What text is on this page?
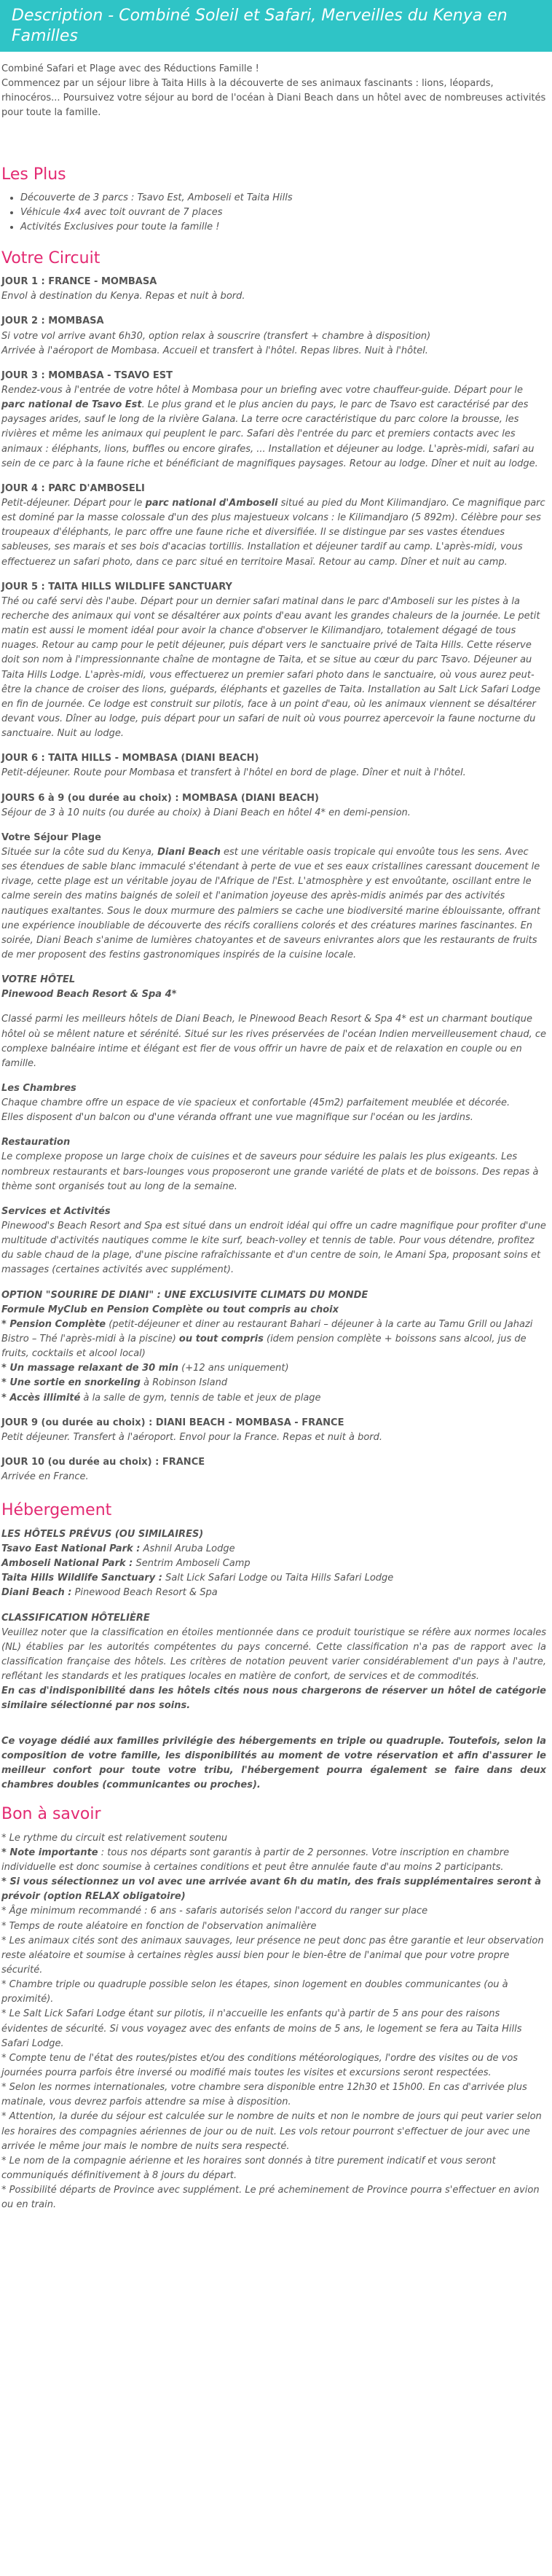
Description - Combiné Soleil et Safari, Merveilles du Kenya en Familles

Combiné Safari et Plage avec des Réductions Famille !

Commencez par un séjour libre à Taita Hills à la découverte de ses animaux fascinants : lions, léopards, rhinocéros... Poursuivez votre séjour au bord de l'océan à Diani Beach dans un hôtel avec de nombreuses activités pour toute la famille.

Les Plus
• Découverte de 3 parcs : Tsavo Est, Amboseli et Taita Hills
• Véhicule 4x4 avec toit ouvrant de 7 places
• Activités Exclusives pour toute la famille !
Votre Circuit

JOUR 1 : FRANCE - MOMBASA

Envol à destination du Kenya. Repas et nuit à bord.

JOUR 2 : MOMBASA

Si votre vol arrive avant 6h30, option relax à souscrire (transfert + chambre à disposition)

Arrivée à l'aéroport de Mombasa. Accueil et transfert à l'hôtel. Repas libres. Nuit à l'hôtel.

JOUR 3 : MOMBASA - TSAVO EST

Rendez-vous à l'entrée de votre hôtel à Mombasa pour un briefing avec votre chauffeur-guide. Départ pour le parc national de Tsavo Est. Le plus grand et le plus ancien du pays, le parc de Tsavo est caractérisé par des paysages arides, sauf le long de la rivière Galana. La terre ocre caractéristique du parc colore la brousse, les rivières et même les animaux qui peuplent le parc. Safari dès l'entrée du parc et premiers contacts avec les animaux : éléphants, lions, buffles ou encore girafes, ... Installation et déjeuner au lodge. L'après-midi, safari au sein de ce parc à la faune riche et bénéficiant de magnifiques paysages. Retour au lodge. Dîner et nuit au lodge.

JOUR 4 : PARC D'AMBOSELI

Petit-déjeuner. Départ pour le parc national d'Amboseli situé au pied du Mont Kilimandjaro. Ce magnifique parc est dominé par la masse colossale d'un des plus majestueux volcans : le Kilimandjaro (5 892m). Célèbre pour ses troupeaux d'éléphants, le parc offre une faune riche et diversifiée. Il se distingue par ses vastes étendues sableuses, ses marais et ses bois d'acacias tortillis. Installation et déjeuner tardif au camp. L'après-midi, vous effectuerez un safari photo, dans ce parc situé en territoire Masaï. Retour au camp. Dîner et nuit au camp.

JOUR 5 : TAITA HILLS WILDLIFE SANCTUARY

Thé ou café servi dès l'aube. Départ pour un dernier safari matinal dans le parc d'Amboseli sur les pistes à la recherche des animaux qui vont se désaltérer aux points d'eau avant les grandes chaleurs de la journée. Le petit matin est aussi le moment idéal pour avoir la chance d'observer le Kilimandjaro, totalement dégagé de tous nuages. Retour au camp pour le petit déjeuner, puis départ vers le sanctuaire privé de Taita Hills. Cette réserve doit son nom à l'impressionnante chaîne de montagne de Taita, et se situe au cœur du parc Tsavo. Déjeuner au Taita Hills Lodge. L'après-midi, vous effectuerez un premier safari photo dans le sanctuaire, où vous aurez peut-être la chance de croiser des lions, guépards, éléphants et gazelles de Taita. Installation au Salt Lick Safari Lodge en fin de journée. Ce lodge est construit sur pilotis, face à un point d'eau, où les animaux viennent se désaltérer devant vous. Dîner au lodge, puis départ pour un safari de nuit où vous pourrez apercevoir la faune nocturne du sanctuaire. Nuit au lodge.

JOUR 6 : TAITA HILLS - MOMBASA (DIANI BEACH)

Petit-déjeuner. Route pour Mombasa et transfert à l'hôtel en bord de plage. Dîner et nuit à l'hôtel.

JOURS 6 à 9 (ou durée au choix) : MOMBASA (DIANI BEACH)

Séjour de 3 à 10 nuits (ou durée au choix) à Diani Beach en hôtel 4* en demi-pension.

Votre Séjour Plage

Située sur la côte sud du Kenya, Diani Beach est une véritable oasis tropicale qui envoûte tous les sens. Avec ses étendues de sable blanc immaculé s'étendant à perte de vue et ses eaux cristallines caressant doucement le rivage, cette plage est un véritable joyau de l'Afrique de l'Est. L'atmosphère y est envoûtante, oscillant entre le calme serein des matins baignés de soleil et l'animation joyeuse des après-midis animés par des activités nautiques exaltantes. Sous le doux murmure des palmiers se cache une biodiversité marine éblouissante, offrant une expérience inoubliable de découverte des récifs coralliens colorés et des créatures marines fascinantes. En soirée, Diani Beach s'anime de lumières chatoyantes et de saveurs enivrantes alors que les restaurants de fruits de mer proposent des festins gastronomiques inspirés de la cuisine locale.

VOTRE HÔTEL

Pinewood Beach Resort & Spa 4*

Classé parmi les meilleurs hôtels de Diani Beach, le Pinewood Beach Resort & Spa 4* est un charmant boutique hôtel où se mêlent nature et sérénité. Situé sur les rives préservées de l'océan Indien merveilleusement chaud, ce complexe balnéaire intime et élégant est fier de vous offrir un havre de paix et de relaxation en couple ou en famille.

Les Chambres

Chaque chambre offre un espace de vie spacieux et confortable (45m2) parfaitement meublée et décorée.

Elles disposent d'un balcon ou d'une véranda offrant une vue magnifique sur l'océan ou les jardins.

Restauration

Le complexe propose un large choix de cuisines et de saveurs pour séduire les palais les plus exigeants. Les nombreux restaurants et bars-lounges vous proposeront une grande variété de plats et de boissons. Des repas à thème sont organisés tout au long de la semaine.

Services et Activités

Pinewood's Beach Resort and Spa est situé dans un endroit idéal qui offre un cadre magnifique pour profiter d'une multitude d'activités nautiques comme le kite surf, beach-volley et tennis de table. Pour vous détendre, profitez du sable chaud de la plage, d'une piscine rafraîchissante et d'un centre de soin, le Amani Spa, proposant soins et massages (certaines activités avec supplément).

OPTION "SOURIRE DE DIANI" : UNE EXCLUSIVITE CLIMATS DU MONDE

Formule MyClub en Pension Complète ou tout compris au choix

* Pension Complète (petit-déjeuner et diner au restaurant Bahari – déjeuner à la carte au Tamu Grill ou Jahazi Bistro – Thé l'après-midi à la piscine) ou tout compris (idem pension complète + boissons sans alcool, jus de fruits, cocktails et alcool local)

* Un massage relaxant de 30 min (+12 ans uniquement)

* Une sortie en snorkeling à Robinson Island

* Accès illimité à la salle de gym, tennis de table et jeux de plage

JOUR 9 (ou durée au choix) : DIANI BEACH - MOMBASA - FRANCE

Petit déjeuner. Transfert à l'aéroport. Envol pour la France. Repas et nuit à bord.

JOUR 10 (ou durée au choix) : FRANCE

Arrivée en France.

Hébergement

LES HÔTELS PRÉVUS (OU SIMILAIRES)

Tsavo East National Park : Ashnil Aruba Lodge

Amboseli National Park : Sentrim Amboseli Camp

Taita Hills Wildlife Sanctuary : Salt Lick Safari Lodge ou Taita Hills Safari Lodge

Diani Beach : Pinewood Beach Resort & Spa

CLASSIFICATION HÔTELIÈRE

Veuillez noter que la classification en étoiles mentionnée dans ce produit touristique se réfère aux normes locales (NL) établies par les autorités compétentes du pays concerné. Cette classification n'a pas de rapport avec la classification française des hôtels. Les critères de notation peuvent varier considérablement d'un pays à l'autre, reflétant les standards et les pratiques locales en matière de confort, de services et de commodités.

En cas d'indisponibilité dans les hôtels cités nous nous chargerons de réserver un hôtel de catégorie similaire sélectionné par nos soins.

Ce voyage dédié aux familles privilégie des hébergements en triple ou quadruple. Toutefois, selon la composition de votre famille, les disponibilités au moment de votre réservation et afin d'assurer le meilleur confort pour toute votre tribu, l'hébergement pourra également se faire dans deux chambres doubles (communicantes ou proches).

Bon à savoir

* Le rythme du circuit est relativement soutenu

* Note importante : tous nos départs sont garantis à partir de 2 personnes. Votre inscription en chambre individuelle est donc soumise à certaines conditions et peut être annulée faute d'au moins 2 participants.

* Si vous sélectionnez un vol avec une arrivée avant 6h du matin, des frais supplémentaires seront à prévoir (option RELAX obligatoire)

* Âge minimum recommandé : 6 ans - safaris autorisés selon l'accord du ranger sur place

* Temps de route aléatoire en fonction de l'observation animalière

* Les animaux cités sont des animaux sauvages, leur présence ne peut donc pas être garantie et leur observation reste aléatoire et soumise à certaines règles aussi bien pour le bien-être de l'animal que pour votre propre sécurité.

* Chambre triple ou quadruple possible selon les étapes, sinon logement en doubles communicantes (ou à proximité).

* Le Salt Lick Safari Lodge étant sur pilotis, il n'accueille les enfants qu'à partir de 5 ans pour des raisons évidentes de sécurité. Si vous voyagez avec des enfants de moins de 5 ans, le logement se fera au Taita Hills Safari Lodge.

* Compte tenu de l'état des routes/pistes et/ou des conditions météorologiques, l'ordre des visites ou de vos journées pourra parfois être inversé ou modifié mais toutes les visites et excursions seront respectées.

* Selon les normes internationales, votre chambre sera disponible entre 12h30 et 15h00. En cas d'arrivée plus matinale, vous devrez parfois attendre sa mise à disposition.

* Attention, la durée du séjour est calculée sur le nombre de nuits et non le nombre de jours qui peut varier selon les horaires des compagnies aériennes de jour ou de nuit. Les vols retour pourront s'effectuer de jour avec une arrivée le même jour mais le nombre de nuits sera respecté.

* Le nom de la compagnie aérienne et les horaires sont donnés à titre purement indicatif et vous seront communiqués définitivement à 8 jours du départ.

* Possibilité départs de Province avec supplément. Le pré acheminement de Province pourra s'effectuer en avion ou en train.
